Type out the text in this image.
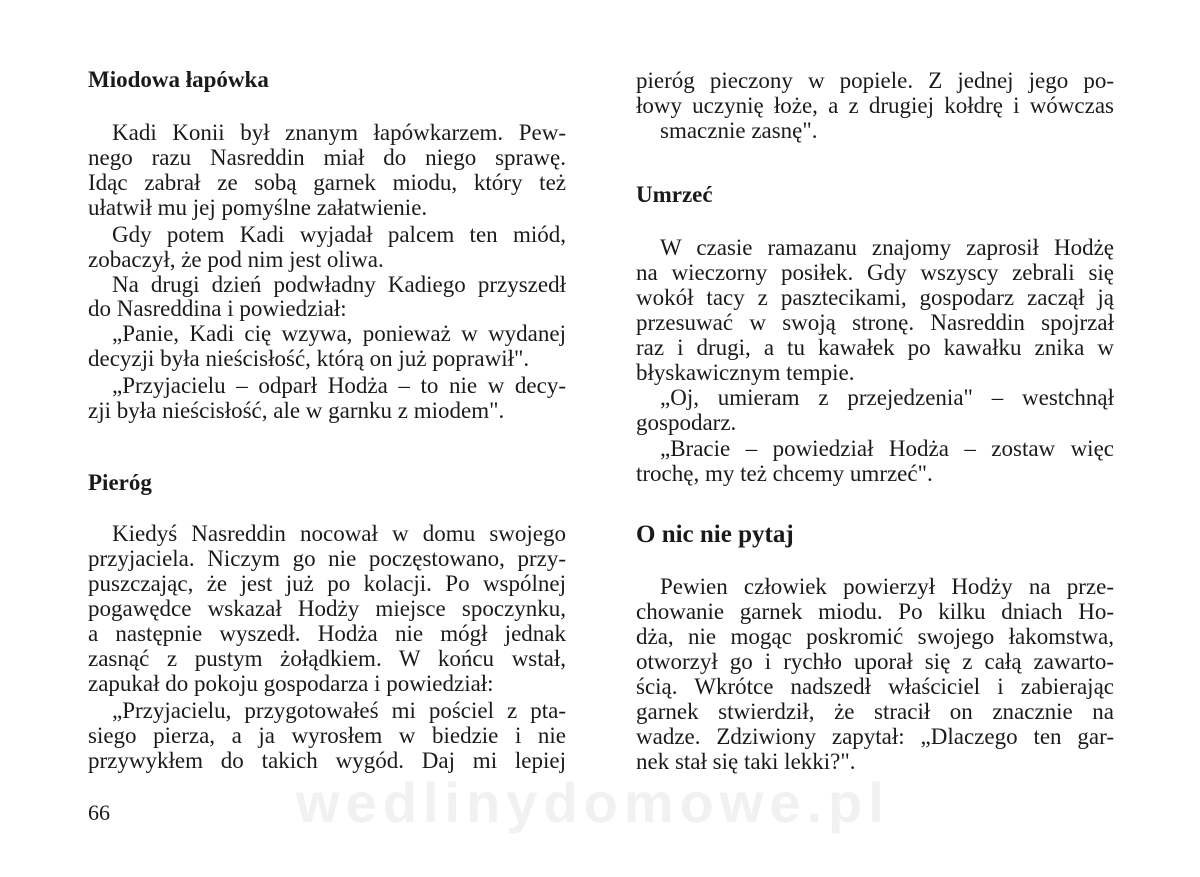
Miodowa łapówka
Kadi Konii był znanym łapówkarzem. Pew-
nego razu Nasreddin miał do niego sprawę.
Idąc zabrał ze sobą garnek miodu, który też
ułatwił mu jej pomyślne załatwienie.
Gdy potem Kadi wyjadał palcem ten miód,
zobaczył, że pod nim jest oliwa.
Na drugi dzień podwładny Kadiego przyszedł
do Nasreddina i powiedział:
„Panie, Kadi cię wzywa, ponieważ w wydanej
decyzji była nieścisłość, którą on już poprawił".
„Przyjacielu – odparł Hodża – to nie w decy-
zji była nieścisłość, ale w garnku z miodem".
Pieróg
Kiedyś Nasreddin nocował w domu swojego
przyjaciela. Niczym go nie poczęstowano, przy-
puszczając, że jest już po kolacji. Po wspólnej
pogawędce wskazał Hodży miejsce spoczynku,
a następnie wyszedł. Hodża nie mógł jednak
zasnąć z pustym żołądkiem. W końcu wstał,
zapukał do pokoju gospodarza i powiedział:
„Przyjacielu, przygotowałeś mi pościel z pta-
siego pierza, a ja wyrosłem w biedzie i nie
przywykłem do takich wygód. Daj mi lepiej
66
pieróg pieczony w popiele. Z jednej jego po-
łowy uczynię łoże, a z drugiej kołdrę i wówczas
smacznie zasnę".
Umrzeć
W czasie ramazanu znajomy zaprosił Hodżę
na wieczorny posiłek. Gdy wszyscy zebrali się
wokół tacy z pasztecikami, gospodarz zaczął ją
przesuwać w swoją stronę. Nasreddin spojrzał
raz i drugi, a tu kawałek po kawałku znika w
błyskawicznym tempie.
„Oj, umieram z przejedzenia" – westchnął
gospodarz.
„Bracie – powiedział Hodża – zostaw więc
trochę, my też chcemy umrzeć".
O nic nie pytaj
Pewien człowiek powierzył Hodży na prze-
chowanie garnek miodu. Po kilku dniach Ho-
dża, nie mogąc poskromić swojego łakomstwa,
otworzył go i rychło uporał się z całą zawarto-
ścią. Wkrótce nadszedł właściciel i zabierając
garnek stwierdził, że stracił on znacznie na
wadze. Zdziwiony zapytał: „Dlaczego ten gar-
nek stał się taki lekki?".
wedlinydomowe.pl
